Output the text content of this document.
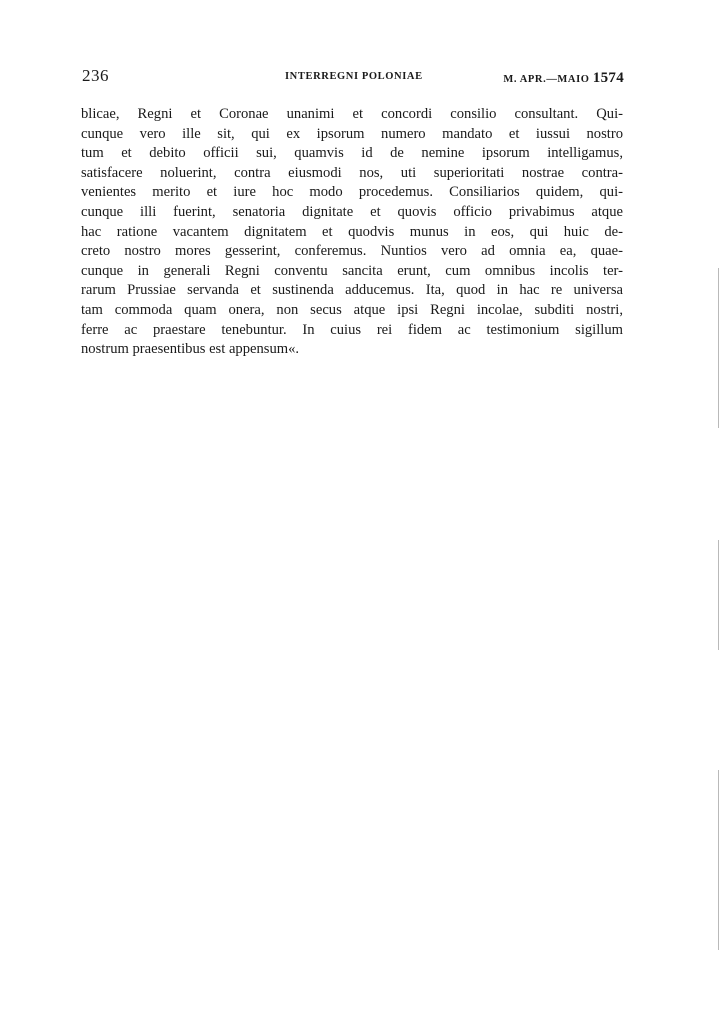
236	INTERREGNI POLONIAE	M. APR.—MAIO 1574
blicae, Regni et Coronae unanimi et concordi consilio consultant. Qui-
cunque vero ille sit, qui ex ipsorum numero mandato et iussui nostro
tum et debito officii sui, quamvis id de nemine ipsorum intelligamus,
satisfacere noluerint, contra eiusmodi nos, uti superioritati nostrae contra-
venientes merito et iure hoc modo procedemus. Consiliarios quidem, qui-
cunque illi fuerint, senatoria dignitate et quovis officio privabimus atque
hac ratione vacantem dignitatem et quodvis munus in eos, qui huic de-
creto nostro mores gesserint, conferemus. Nuntios vero ad omnia ea, quae-
cunque in generali Regni conventu sancita erunt, cum omnibus incolis ter-
rarum Prussiae servanda et sustinenda adducemus. Ita, quod in hac re universa
tam commoda quam onera, non secus atque ipsi Regni incolae, subditi nostri,
ferre ac praestare tenebuntur. In cuius rei fidem ac testimonium sigillum
nostrum praesentibus est appensum«.
